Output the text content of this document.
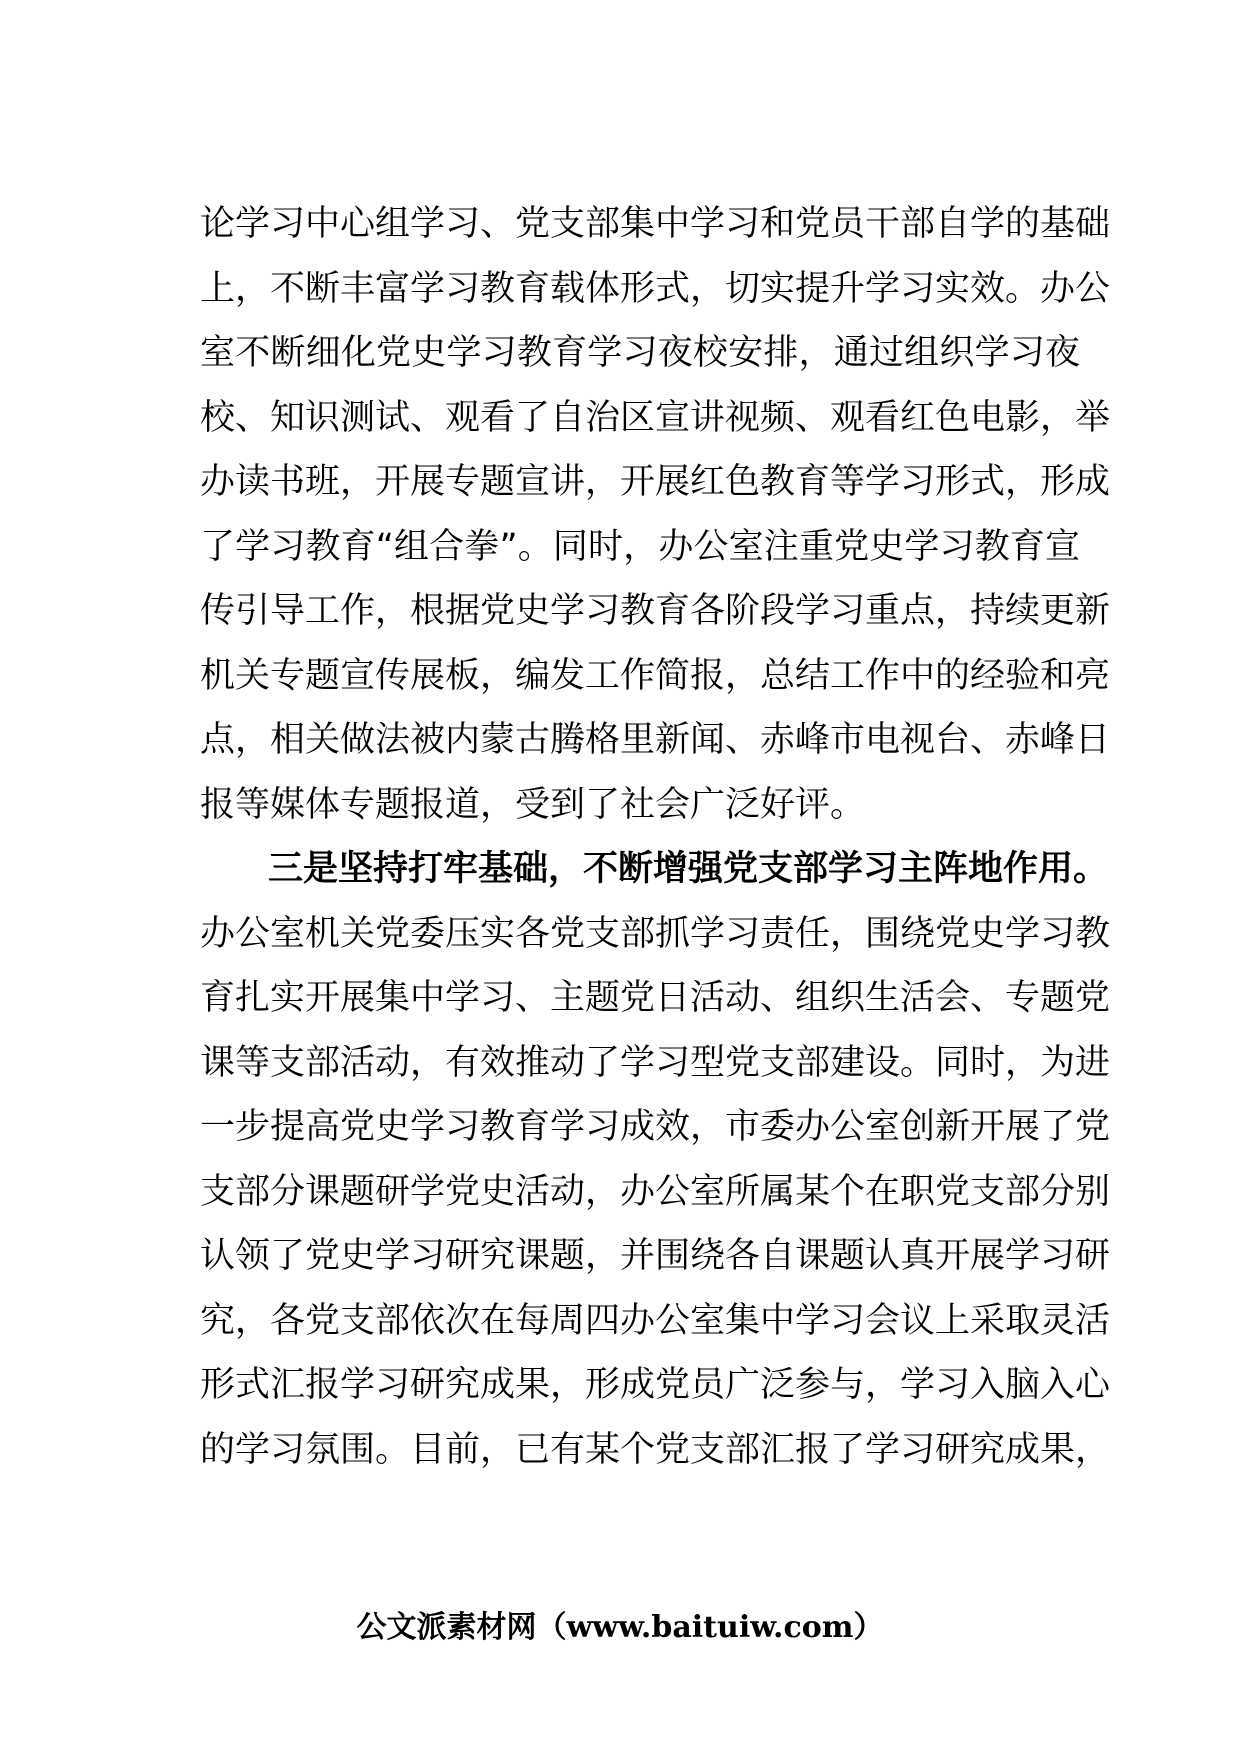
论学习中心组学习、党支部集中学习和党员干部自学的基础
上，不断丰富学习教育载体形式，切实提升学习实效。办公
室不断细化党史学习教育学习夜校安排，通过组织学习夜
校、知识测试、观看了自治区宣讲视频、观看红色电影，举
办读书班，开展专题宣讲，开展红色教育等学习形式，形成
了学习教育“组合拳”。同时，办公室注重党史学习教育宣
传引导工作，根据党史学习教育各阶段学习重点，持续更新
机关专题宣传展板，编发工作简报，总结工作中的经验和亮
点，相关做法被内蒙古腾格里新闻、赤峰市电视台、赤峰日
报等媒体专题报道，受到了社会广泛好评。
三是坚持打牢基础，不断增强党支部学习主阵地作用。
办公室机关党委压实各党支部抓学习责任，围绕党史学习教
育扎实开展集中学习、主题党日活动、组织生活会、专题党
课等支部活动，有效推动了学习型党支部建设。同时，为进
一步提高党史学习教育学习成效，市委办公室创新开展了党
支部分课题研学党史活动，办公室所属某个在职党支部分别
认领了党史学习研究课题，并围绕各自课题认真开展学习研
究，各党支部依次在每周四办公室集中学习会议上采取灵活
形式汇报学习研究成果，形成党员广泛参与，学习入脑入心
的学习氛围。目前，已有某个党支部汇报了学习研究成果，
公文派素材网（www.baituiw.com）
